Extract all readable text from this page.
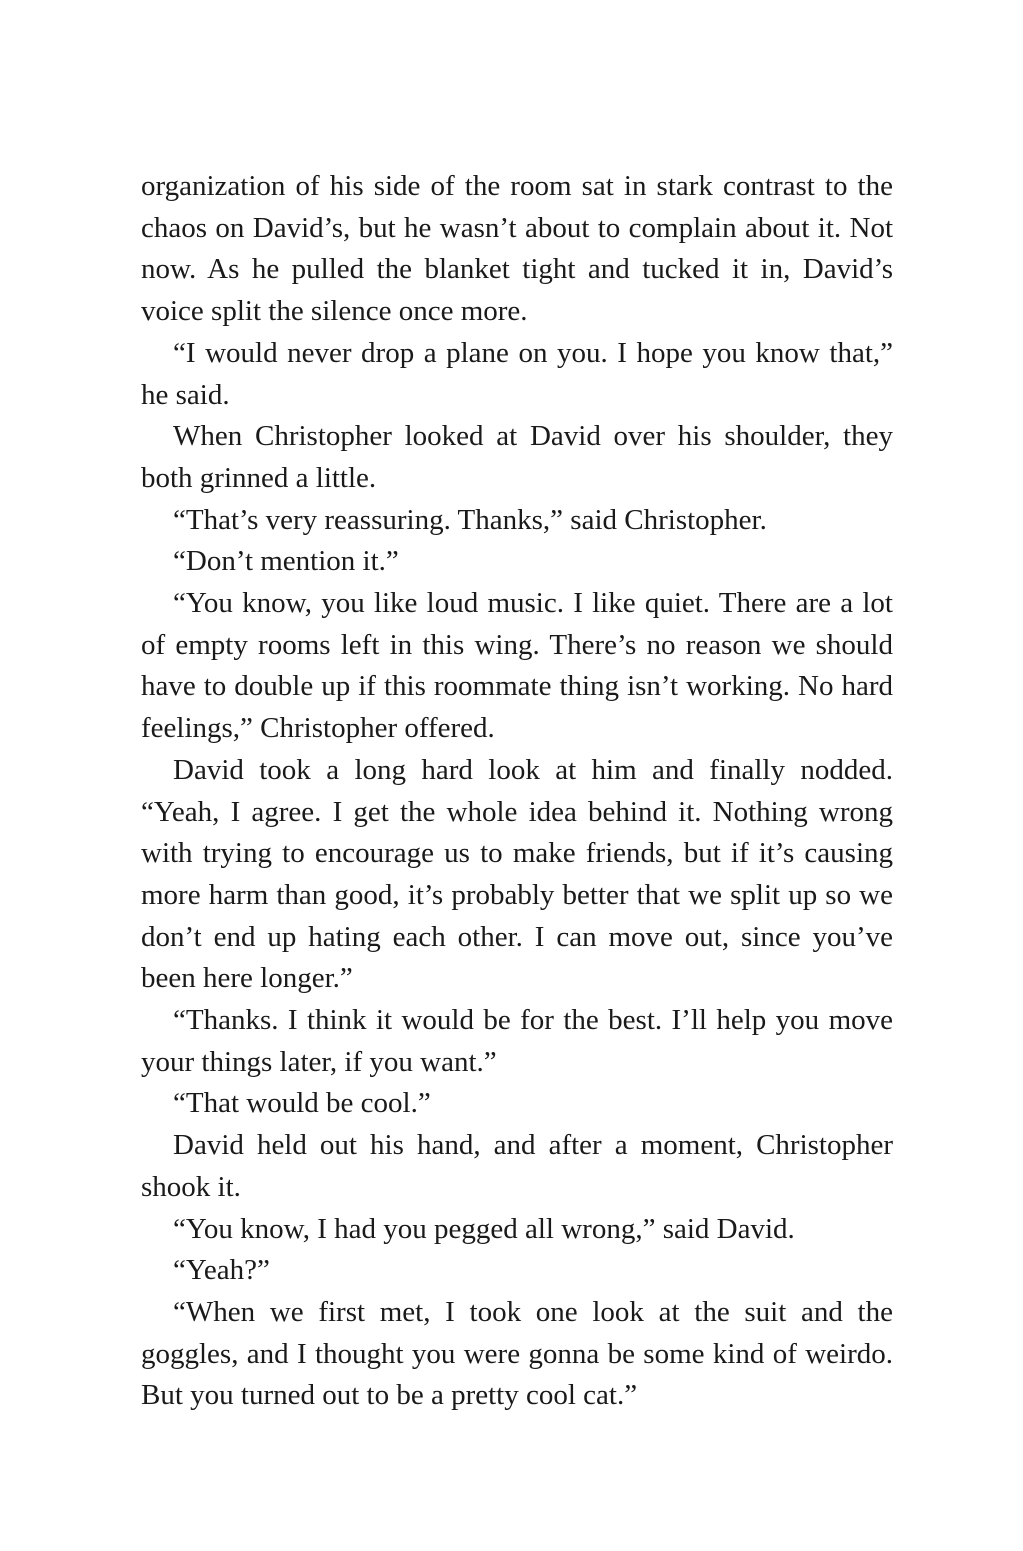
organization of his side of the room sat in stark contrast to the chaos on David’s, but he wasn’t about to complain about it. Not now. As he pulled the blanket tight and tucked it in, David’s voice split the silence once more.

“I would never drop a plane on you. I hope you know that,” he said.

When Christopher looked at David over his shoulder, they both grinned a little.

“That’s very reassuring. Thanks,” said Christopher.

“Don’t mention it.”

“You know, you like loud music. I like quiet. There are a lot of empty rooms left in this wing. There’s no reason we should have to double up if this roommate thing isn’t working. No hard feelings,” Christopher offered.

David took a long hard look at him and finally nodded. “Yeah, I agree. I get the whole idea behind it. Nothing wrong with trying to encourage us to make friends, but if it’s causing more harm than good, it’s probably better that we split up so we don’t end up hating each other. I can move out, since you’ve been here longer.”

“Thanks. I think it would be for the best. I’ll help you move your things later, if you want.”

“That would be cool.”

David held out his hand, and after a moment, Christopher shook it.

“You know, I had you pegged all wrong,” said David.

“Yeah?”

“When we first met, I took one look at the suit and the goggles, and I thought you were gonna be some kind of weirdo. But you turned out to be a pretty cool cat.”
